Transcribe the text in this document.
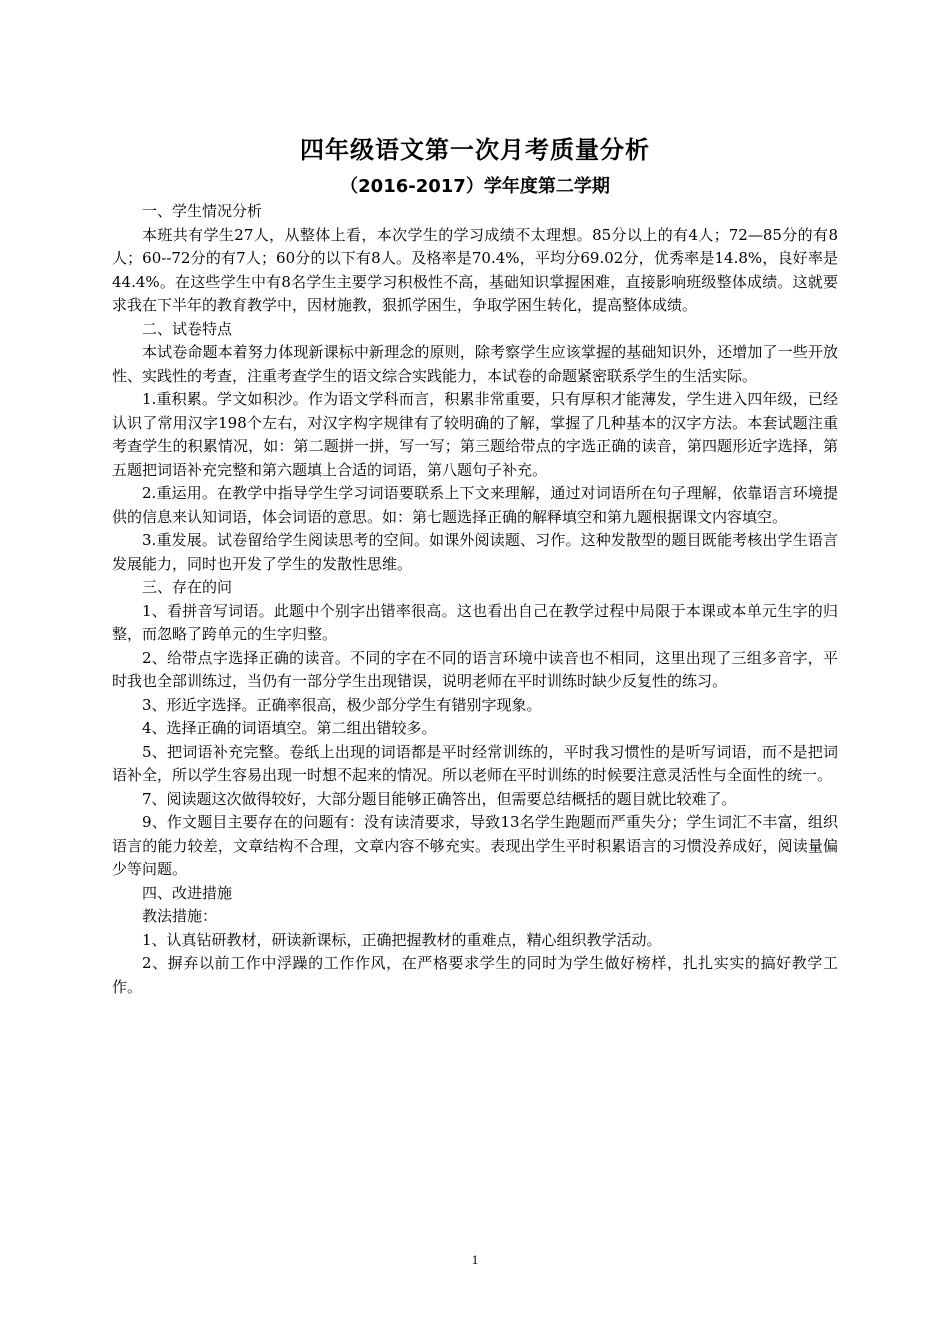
四年级语文第一次月考质量分析
（2016-2017）学年度第二学期

一、学生情况分析

本班共有学生27人，从整体上看，本次学生的学习成绩不太理想。85分以上的有4人；72—85分的有8人；60--72分的有7人；60分的以下有8人。及格率是70.4%，平均分69.02分，优秀率是14.8%，良好率是44.4%。在这些学生中有8名学生主要学习积极性不高，基础知识掌握困难，直接影响班级整体成绩。这就要求我在下半年的教育教学中，因材施教，狠抓学困生，争取学困生转化，提高整体成绩。

二、试卷特点

本试卷命题本着努力体现新课标中新理念的原则，除考察学生应该掌握的基础知识外，还增加了一些开放性、实践性的考查，注重考查学生的语文综合实践能力，本试卷的命题紧密联系学生的生活实际。

1.重积累。学文如积沙。作为语文学科而言，积累非常重要，只有厚积才能薄发，学生进入四年级，已经认识了常用汉字198个左右，对汉字构字规律有了较明确的了解，掌握了几种基本的汉字方法。本套试题注重考查学生的积累情况，如：第二题拼一拼，写一写；第三题给带点的字选正确的读音，第四题形近字选择，第五题把词语补充完整和第六题填上合适的词语，第八题句子补充。

2.重运用。在教学中指导学生学习词语要联系上下文来理解，通过对词语所在句子理解，依靠语言环境提供的信息来认知词语，体会词语的意思。如：第七题选择正确的解释填空和第九题根据课文内容填空。

3.重发展。试卷留给学生阅读思考的空间。如课外阅读题、习作。这种发散型的题目既能考核出学生语言发展能力，同时也开发了学生的发散性思维。

三、存在的问

1、看拼音写词语。此题中个别字出错率很高。这也看出自己在教学过程中局限于本课或本单元生字的归整，而忽略了跨单元的生字归整。

2、给带点字选择正确的读音。不同的字在不同的语言环境中读音也不相同，这里出现了三组多音字，平时我也全部训练过，当仍有一部分学生出现错误，说明老师在平时训练时缺少反复性的练习。

3、形近字选择。正确率很高，极少部分学生有错别字现象。

4、选择正确的词语填空。第二组出错较多。

5、把词语补充完整。卷纸上出现的词语都是平时经常训练的，平时我习惯性的是听写词语，而不是把词语补全，所以学生容易出现一时想不起来的情况。所以老师在平时训练的时候要注意灵活性与全面性的统一。

7、阅读题这次做得较好，大部分题目能够正确答出，但需要总结概括的题目就比较难了。

9、作文题目主要存在的问题有：没有读清要求，导致13名学生跑题而严重失分；学生词汇不丰富，组织语言的能力较差，文章结构不合理，文章内容不够充实。表现出学生平时积累语言的习惯没养成好，阅读量偏少等问题。

四、改进措施

教法措施：

1、认真钻研教材，研读新课标，正确把握教材的重难点，精心组织教学活动。

2、摒弃以前工作中浮躁的工作作风，在严格要求学生的同时为学生做好榜样，扎扎实实的搞好教学工作。

1
